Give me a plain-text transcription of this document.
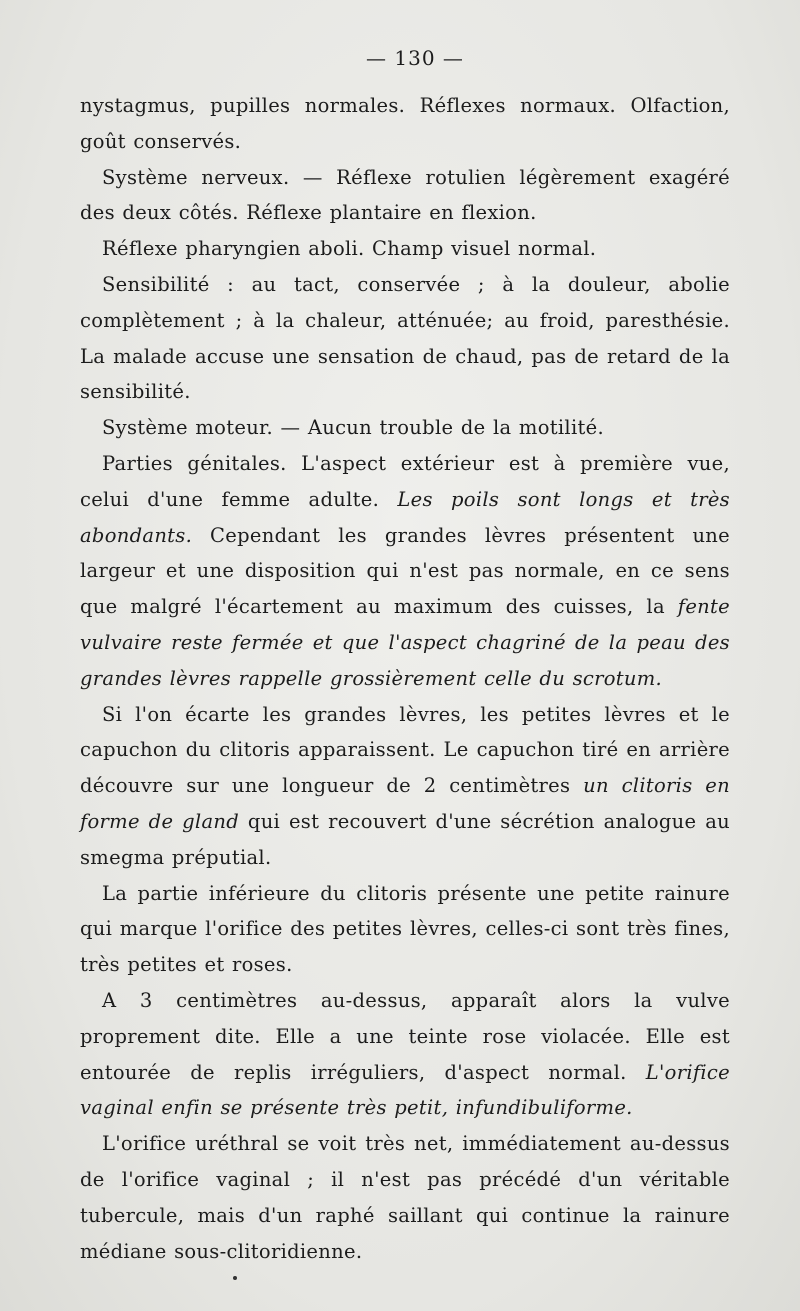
— 130 —

nystagmus, pupilles normales. Réflexes normaux. Olfaction, goût conservés.

Système nerveux. — Réflexe rotulien légèrement exagéré des deux côtés. Réflexe plantaire en flexion.

Réflexe pharyngien aboli. Champ visuel normal.

Sensibilité : au tact, conservée ; à la douleur, abolie complètement ; à la chaleur, atténuée; au froid, paresthésie. La malade accuse une sensation de chaud, pas de retard de la sensibilité.

Système moteur. — Aucun trouble de la motilité.

Parties génitales. L'aspect extérieur est à première vue, celui d'une femme adulte. Les poils sont longs et très abondants. Cependant les grandes lèvres présentent une largeur et une disposition qui n'est pas normale, en ce sens que malgré l'écartement au maximum des cuisses, la fente vulvaire reste fermée et que l'aspect chagriné de la peau des grandes lèvres rappelle grossièrement celle du scrotum.

Si l'on écarte les grandes lèvres, les petites lèvres et le capuchon du clitoris apparaissent. Le capuchon tiré en arrière découvre sur une longueur de 2 centimètres un clitoris en forme de gland qui est recouvert d'une sécrétion analogue au smegma préputial.

La partie inférieure du clitoris présente une petite rainure qui marque l'orifice des petites lèvres, celles-ci sont très fines, très petites et roses.

A 3 centimètres au-dessus, apparaît alors la vulve proprement dite. Elle a une teinte rose violacée. Elle est entourée de replis irréguliers, d'aspect normal. L'orifice vaginal enfin se présente très petit, infundibuliforme.

L'orifice uréthral se voit très net, immédiatement au-dessus de l'orifice vaginal ; il n'est pas précédé d'un véritable tubercule, mais d'un raphé saillant qui continue la rainure médiane sous-clitoridienne.
